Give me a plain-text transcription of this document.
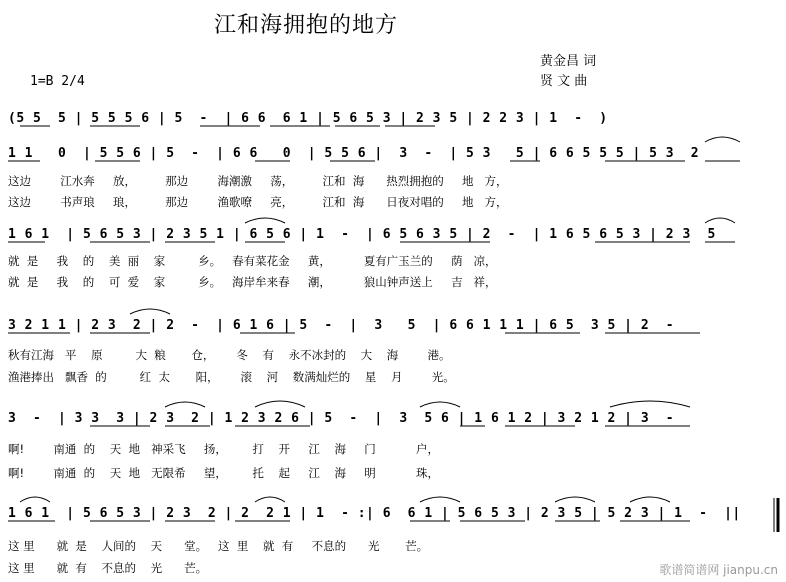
江和海拥抱的地方
黄金昌 词
贤 文 曲
1=B 2/4

(5 5  5 | 5 5 5 6 | 5  -  | 6 6  6 1 | 5 6 5 3 | 2 3 5 | 2 2 3 | 1  -  )

1 1   0  | 5 5 6 | 5  -  | 6 6   0  | 5 5 6 |  3  -  | 5 3   5 | 6 6 5 5 5 | 5 3  2

这边        江水奔     放，        那边        海潮激     荡，        江和  海      热烈拥抱的     地   方，
这边        书声琅     琅，        那边        渔歌嘹     亮，        江和  海      日夜对唱的     地   方，

1 6 1  | 5 6 5 3 | 2 3 5 1 | 6 5 6 | 1  -  | 6 5 6 3 5 | 2  -  | 1 6 5 6 5 3 | 2 3  5

就  是     我    的    美  丽    家         乡。   春有菜花金     黄，         夏有广玉兰的     荫   凉，
就  是     我    的    可  爱    家         乡。   海岸牟来春     潮，         狼山钟声送上     吉   祥，

3 2 1 1 | 2 3  2 | 2  -  | 6 1 6 | 5  -  |  3   5  | 6 6 1 1 1 | 6 5  3 5 | 2  -

秋有江海   平    原         大  粮       仓，      冬    有    永不冰封的    大    海        港。
渔港捧出   飘香  的         红  太       阳，      滚    河    数满灿烂的    星    月        光。

3  -  | 3 3  3 | 2 3  2 | 1 2 3 2 6 | 5  -  |  3  5 6 | 1 6 1 2 | 3 2 1 2 | 3  -

啊!        南通  的    天  地   神采飞     扬，       打    开     江    海     门           户，
啊!        南通  的    天  地   无限希     望，       托    起     江    海     明           珠，

1 6 1  | 5 6 5 3 | 2 3  2 | 2  2 1 | 1  - :| 6  6 1 | 5 6 5 3 | 2 3 5 | 5 2 3 | 1  -  ||

这 里      就  是    人间的    天      堂。   这  里    就  有     不息的      光       芒。
这 里      就  有    不息的    光      芒。	歌谱简谱网 jianpu.cn
